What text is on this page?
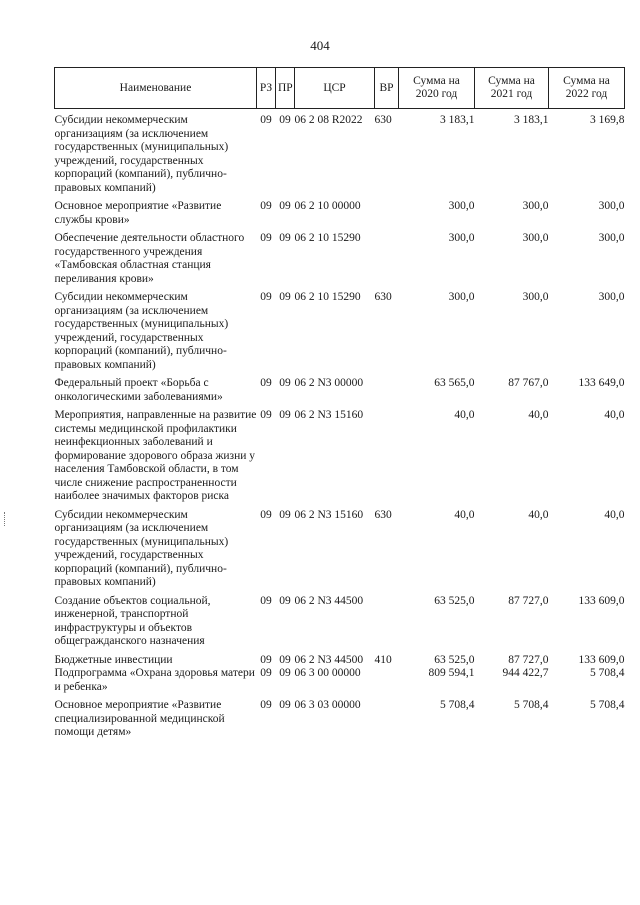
404
Наименование	РЗ	ПР	ЦСР	ВР	Сумма на 2020 год	Сумма на 2021 год	Сумма на 2022 год
Субсидии некоммерческим организациям (за исключением государственных (муниципальных) учреждений, государственных корпораций (компаний), публично-правовых компаний)	09	09	06 2 08 R2022	630	3 183,1	3 183,1	3 169,8
Основное мероприятие «Развитие службы крови»	09	09	06 2 10 00000		300,0	300,0	300,0
Обеспечение деятельности областного государственного учреждения «Тамбовская областная станция переливания крови»	09	09	06 2 10 15290		300,0	300,0	300,0
Субсидии некоммерческим организациям (за исключением государственных (муниципальных) учреждений, государственных корпораций (компаний), публично-правовых компаний)	09	09	06 2 10 15290	630	300,0	300,0	300,0
Федеральный проект «Борьба с онкологическими заболеваниями»	09	09	06 2 N3 00000		63 565,0	87 767,0	133 649,0
Мероприятия, направленные на развитие системы медицинской профилактики неинфекционных заболеваний и формирование здорового образа жизни у населения Тамбовской области, в том числе снижение распространенности наиболее значимых факторов риска	09	09	06 2 N3 15160		40,0	40,0	40,0
Субсидии некоммерческим организациям (за исключением государственных (муниципальных) учреждений, государственных корпораций (компаний), публично-правовых компаний)	09	09	06 2 N3 15160	630	40,0	40,0	40,0
Создание объектов социальной, инженерной, транспортной инфраструктуры и объектов общегражданского назначения	09	09	06 2 N3 44500		63 525,0	87 727,0	133 609,0
Бюджетные инвестиции	09	09	06 2 N3 44500	410	63 525,0	87 727,0	133 609,0
Подпрограмма «Охрана здоровья матери и ребенка»	09	09	06 3 00 00000		809 594,1	944 422,7	5 708,4
Основное мероприятие «Развитие специализированной медицинской помощи детям»	09	09	06 3 03 00000		5 708,4	5 708,4	5 708,4
